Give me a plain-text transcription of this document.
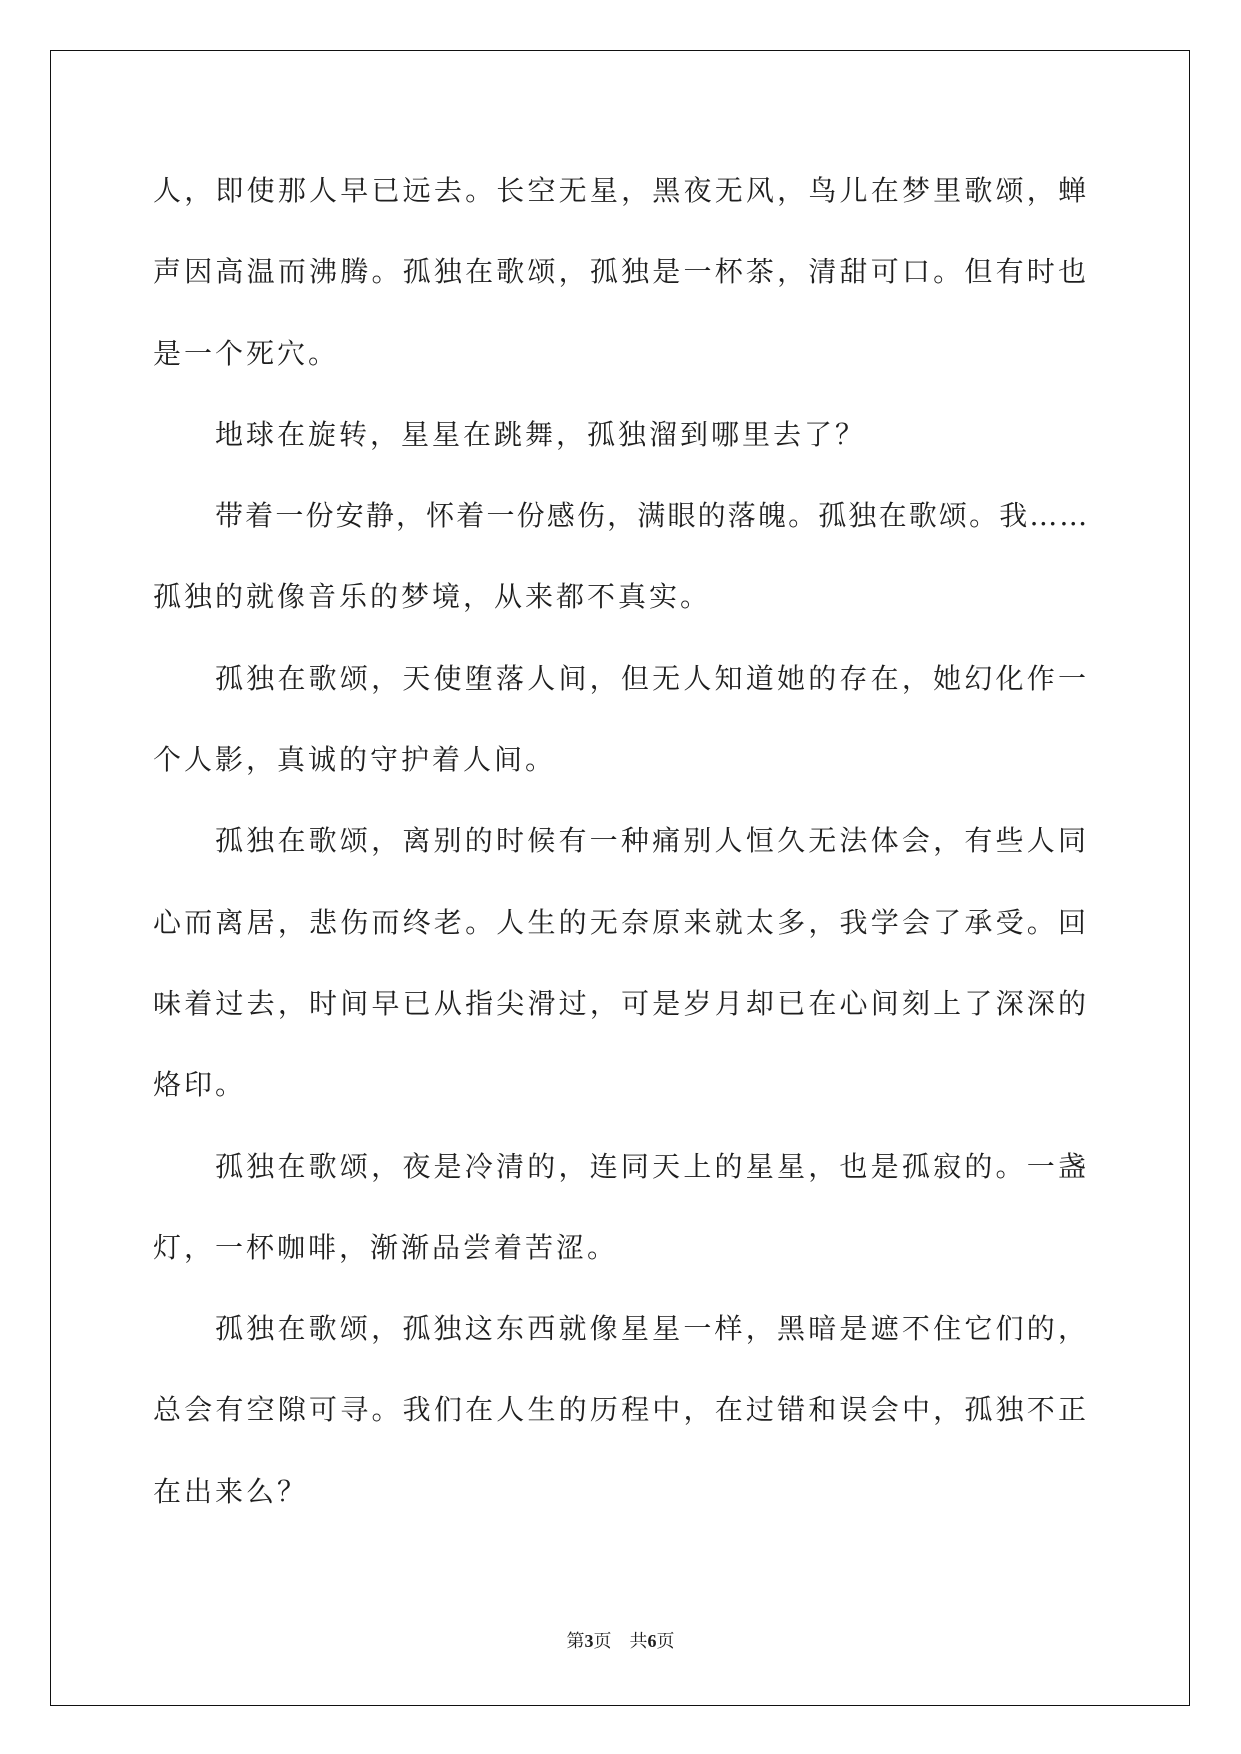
人，即使那人早已远去。长空无星，黑夜无风，鸟儿在梦里歌颂，蝉
声因高温而沸腾。孤独在歌颂，孤独是一杯茶，清甜可口。但有时也
是一个死穴。
地球在旋转，星星在跳舞，孤独溜到哪里去了？
带着一份安静，怀着一份感伤，满眼的落魄。孤独在歌颂。我……
孤独的就像音乐的梦境，从来都不真实。
孤独在歌颂，天使堕落人间，但无人知道她的存在，她幻化作一
个人影，真诚的守护着人间。
孤独在歌颂，离别的时候有一种痛别人恒久无法体会，有些人同
心而离居，悲伤而终老。人生的无奈原来就太多，我学会了承受。回
味着过去，时间早已从指尖滑过，可是岁月却已在心间刻上了深深的
烙印。
孤独在歌颂，夜是冷清的，连同天上的星星，也是孤寂的。一盏
灯，一杯咖啡，渐渐品尝着苦涩。
孤独在歌颂，孤独这东西就像星星一样，黑暗是遮不住它们的，
总会有空隙可寻。我们在人生的历程中，在过错和误会中，孤独不正
在出来么？
第3页 共6页
